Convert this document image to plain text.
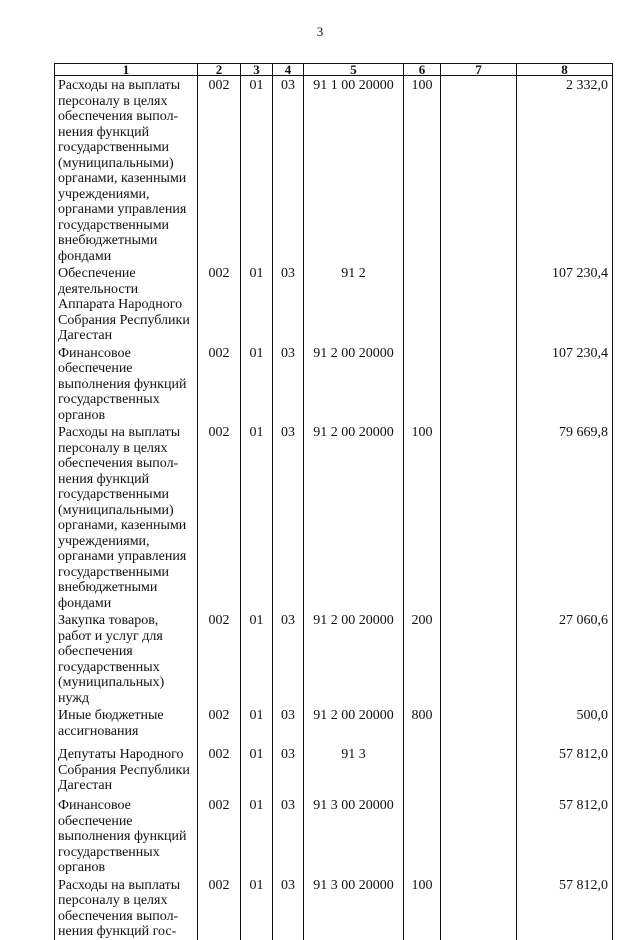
3
1	2	3	4	5	6	7	8
Расходы на выплаты персоналу в целях обеспечения выпол-нения функций государственными (муниципальными) органами, казенными учреждениями, органами управления государственными внебюджетными фондами	002	01	03	91 1 00 20000	100		2 332,0
Обеспечение деятельности Аппарата Народного Собрания Республики Дагестан	002	01	03	91 2			107 230,4
Финансовое обеспечение выполнения функций государственных органов	002	01	03	91 2 00 20000			107 230,4
Расходы на выплаты персоналу в целях обеспечения выпол-нения функций государственными (муниципальными) органами, казенными учреждениями, органами управления государственными внебюджетными фондами	002	01	03	91 2 00 20000	100		79 669,8
Закупка товаров, работ и услуг для обеспечения государственных (муниципальных) нужд	002	01	03	91 2 00 20000	200		27 060,6
Иные бюджетные ассигнования	002	01	03	91 2 00 20000	800		500,0
Депутаты Народного Собрания Республики Дагестан	002	01	03	91 3			57 812,0
Финансовое обеспечение выполнения функций государственных органов	002	01	03	91 3 00 20000			57 812,0
Расходы на выплаты персоналу в целях обеспечения выпол-нения функций гос-	002	01	03	91 3 00 20000	100		57 812,0
